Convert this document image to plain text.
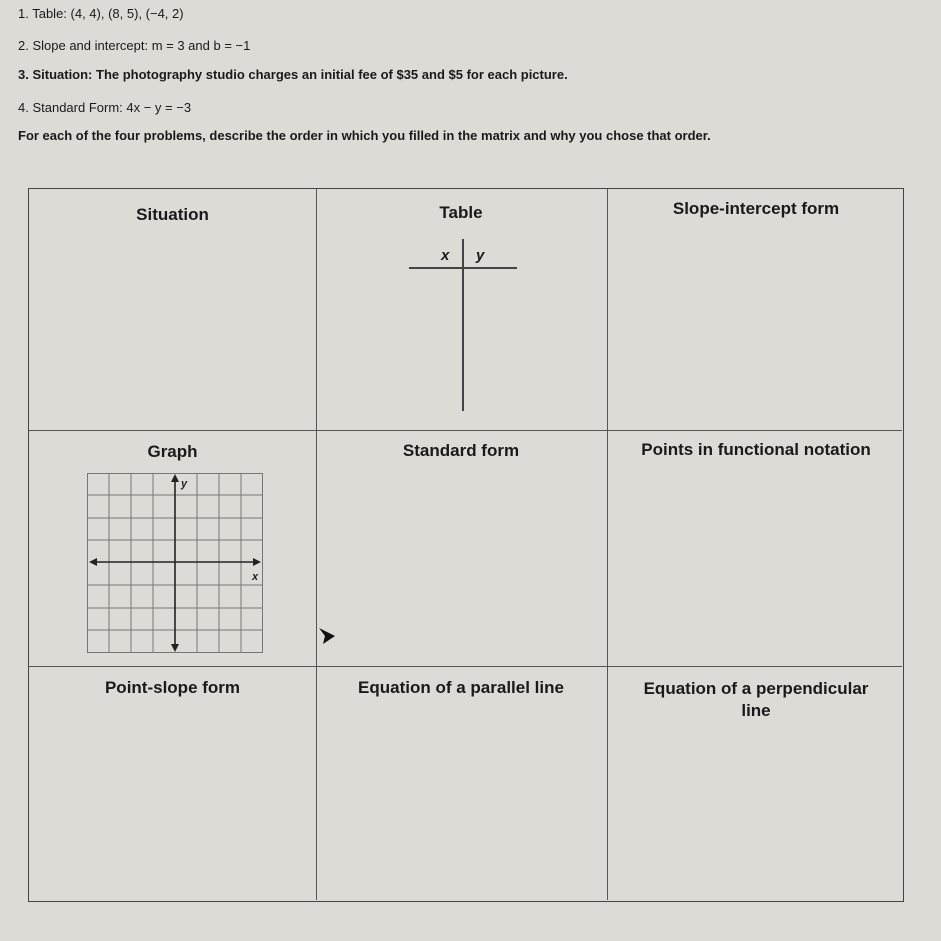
1. Table: (4, 4), (8, 5), (−4, 2)
2. Slope and intercept: m = 3 and b = −1
3. Situation: The photography studio charges an initial fee of $35 and $5 for each picture.
4. Standard Form: 4x − y = −3
For each of the four problems, describe the order in which you filled in the matrix and why you chose that order.
Situation	Table	Slope-intercept form
x y
Graph	Standard form	Points in functional notation
y
x
Point-slope form	Equation of a parallel line	Equation of a perpendicular
line
